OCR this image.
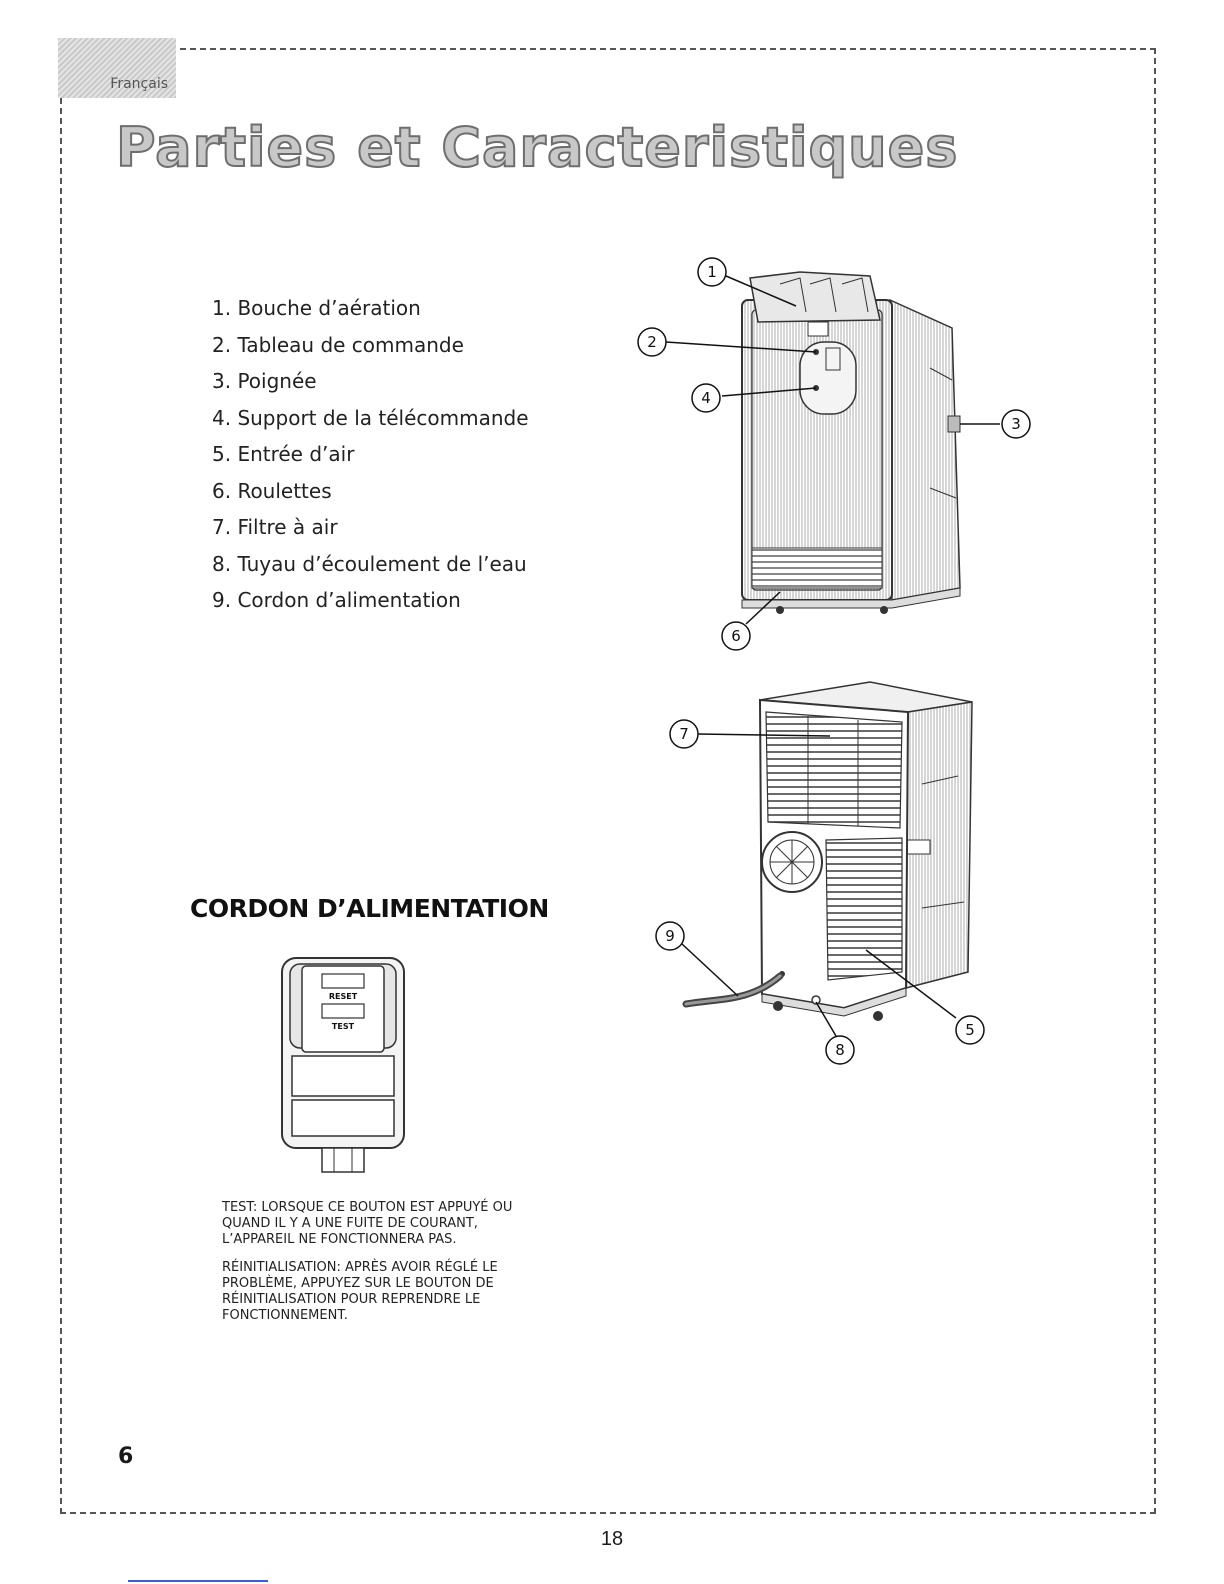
Français
Parties et Caracteristiques
1. Bouche d’aération
2. Tableau de commande
3. Poignée
4. Support de la télécommande
5. Entrée d’air
6. Roulettes
7. Filtre à air
8. Tuyau d’écoulement de l’eau
9. Cordon d’alimentation
1
2
4
3
6
7
9
5
8
CORDON D’ALIMENTATION
RESET
TEST

TEST: LORSQUE CE BOUTON EST APPUYÉ OU QUAND IL Y A UNE FUITE DE COURANT, L’APPAREIL NE FONCTIONNERA PAS.

RÉINITIALISATION: APRÈS AVOIR RÉGLÉ LE PROBLÈME, APPUYEZ SUR LE BOUTON DE RÉINITIALISATION POUR REPRENDRE LE FONCTIONNEMENT.

6
18
